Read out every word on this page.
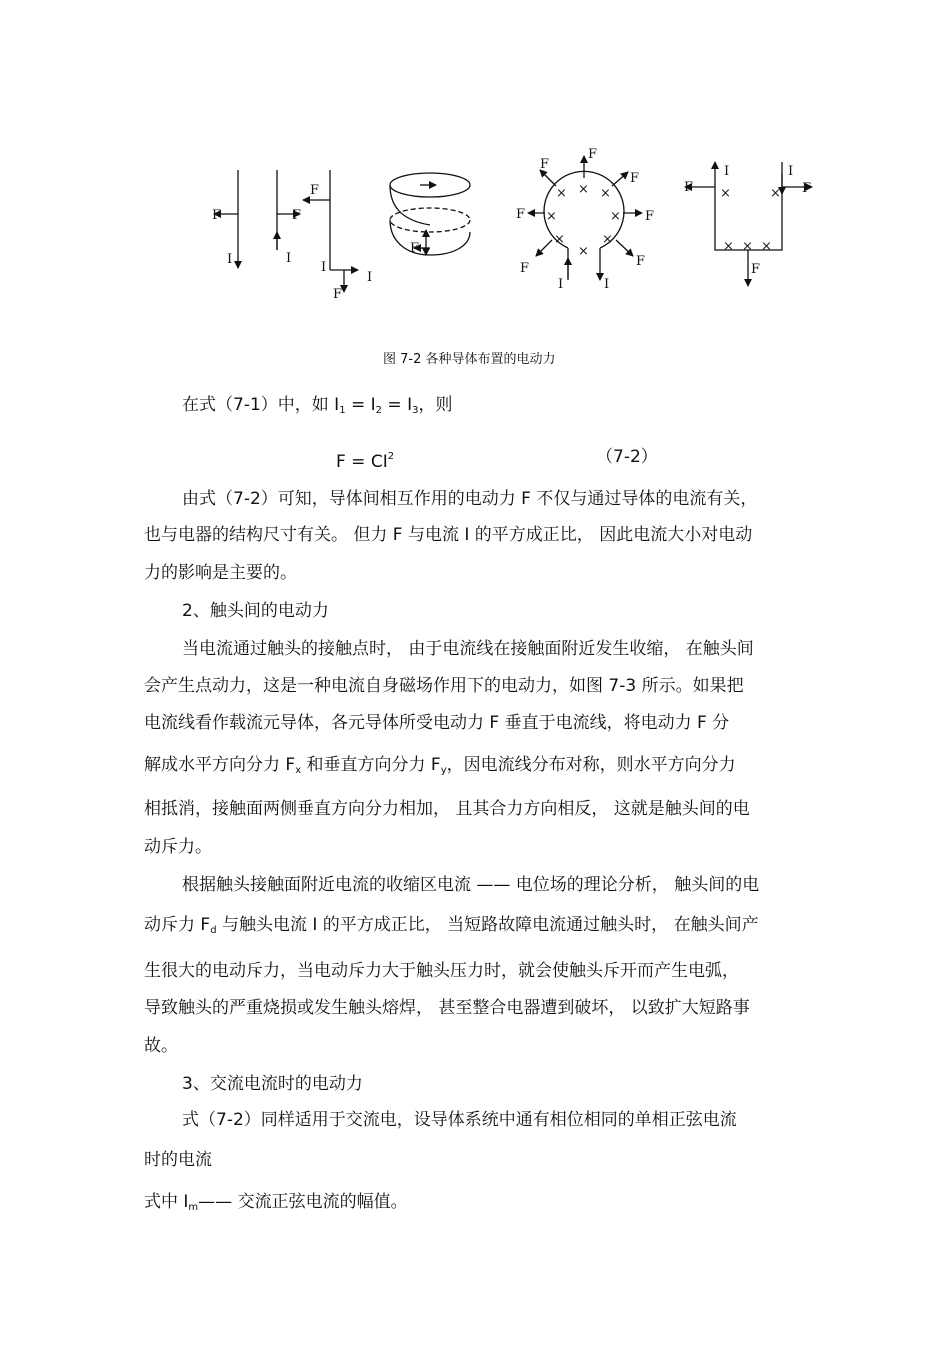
F	F
F
F
F
F
F
F
F	F
F	F
F	F
F
I	I
I
I	I	I
I	I
×
×	×
×	×
×	×
×
×	×
× × ×
图 7-2 各种导体布置的电动力
在式（7-1）中，如 $I_1 = I_2 = I_3$，则
$F = CI^2$	（7-2）
由式（7-2）可知，导体间相互作用的电动力 F 不仅与通过导体的电流有关，
也与电器的结构尺寸有关。 但力 F 与电流 I 的平方成正比， 因此电流大小对电动
力的影响是主要的。
2、触头间的电动力
当电流通过触头的接触点时， 由于电流线在接触面附近发生收缩， 在触头间
会产生点动力，这是一种电流自身磁场作用下的电动力，如图 7-3 所示。如果把
电流线看作载流元导体，各元导体所受电动力 F 垂直于电流线，将电动力 F 分
解成水平方向分力 $F_x$ 和垂直方向分力 $F_y$，因电流线分布对称，则水平方向分力
相抵消，接触面两侧垂直方向分力相加， 且其合力方向相反， 这就是触头间的电
动斥力。
根据触头接触面附近电流的收缩区电流 —— 电位场的理论分析， 触头间的电
动斥力 $F_d$ 与触头电流 I 的平方成正比， 当短路故障电流通过触头时， 在触头间产
生很大的电动斥力，当电动斥力大于触头压力时，就会使触头斥开而产生电弧，
导致触头的严重烧损或发生触头熔焊， 甚至整合电器遭到破坏， 以致扩大短路事
故。
3、交流电流时的电动力
式（7-2）同样适用于交流电，设导体系统中通有相位相同的单相正弦电流
时的电流
式中 $I_m——$ 交流正弦电流的幅值。
